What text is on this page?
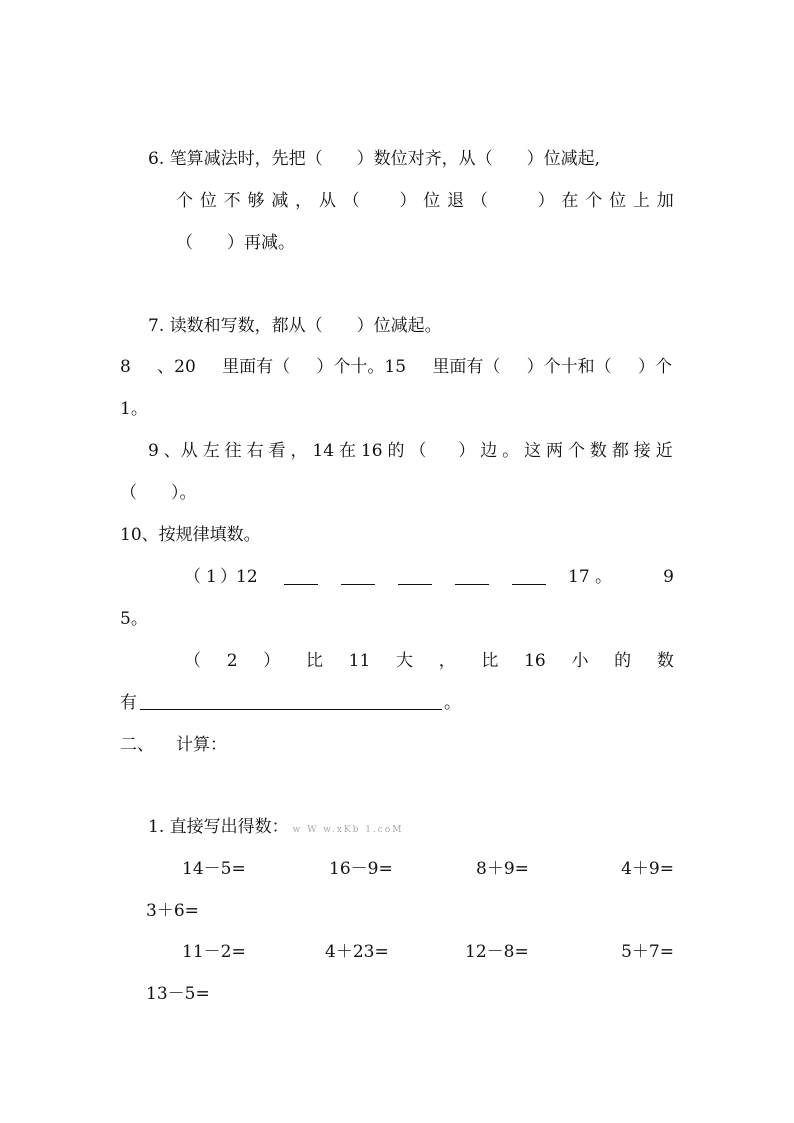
6. 笔算减法时，先把（　　）数位对齐，从（　　）位减起,
个 位 不 够 减 ， 从 （ ） 位 退 （	） 在 个 位 上 加
（　　）再减。
7. 读数和写数，都从（　　）位减起。
8 、20 里面有（ ）个十。15 里面有（ ）个十和（ ）个
1。
9 、从 左 往 右 看 ， 14 在 16 的 （ ） 边 。 这 两 个 数 都 接 近
（　　）。
10、按规律填数。
（ 1 ） 12	17 。	9
5。
（ 2 ） 比 11 大 ， 比 16 小 的 数
有	。
二、 计算：
1. 直接写出得数： w W w.xKb 1.coM
14－5=	16－9=	8＋9=	4＋9=
3＋6=
11－2=	4＋23=	12－8=	5＋7=
13－5=
